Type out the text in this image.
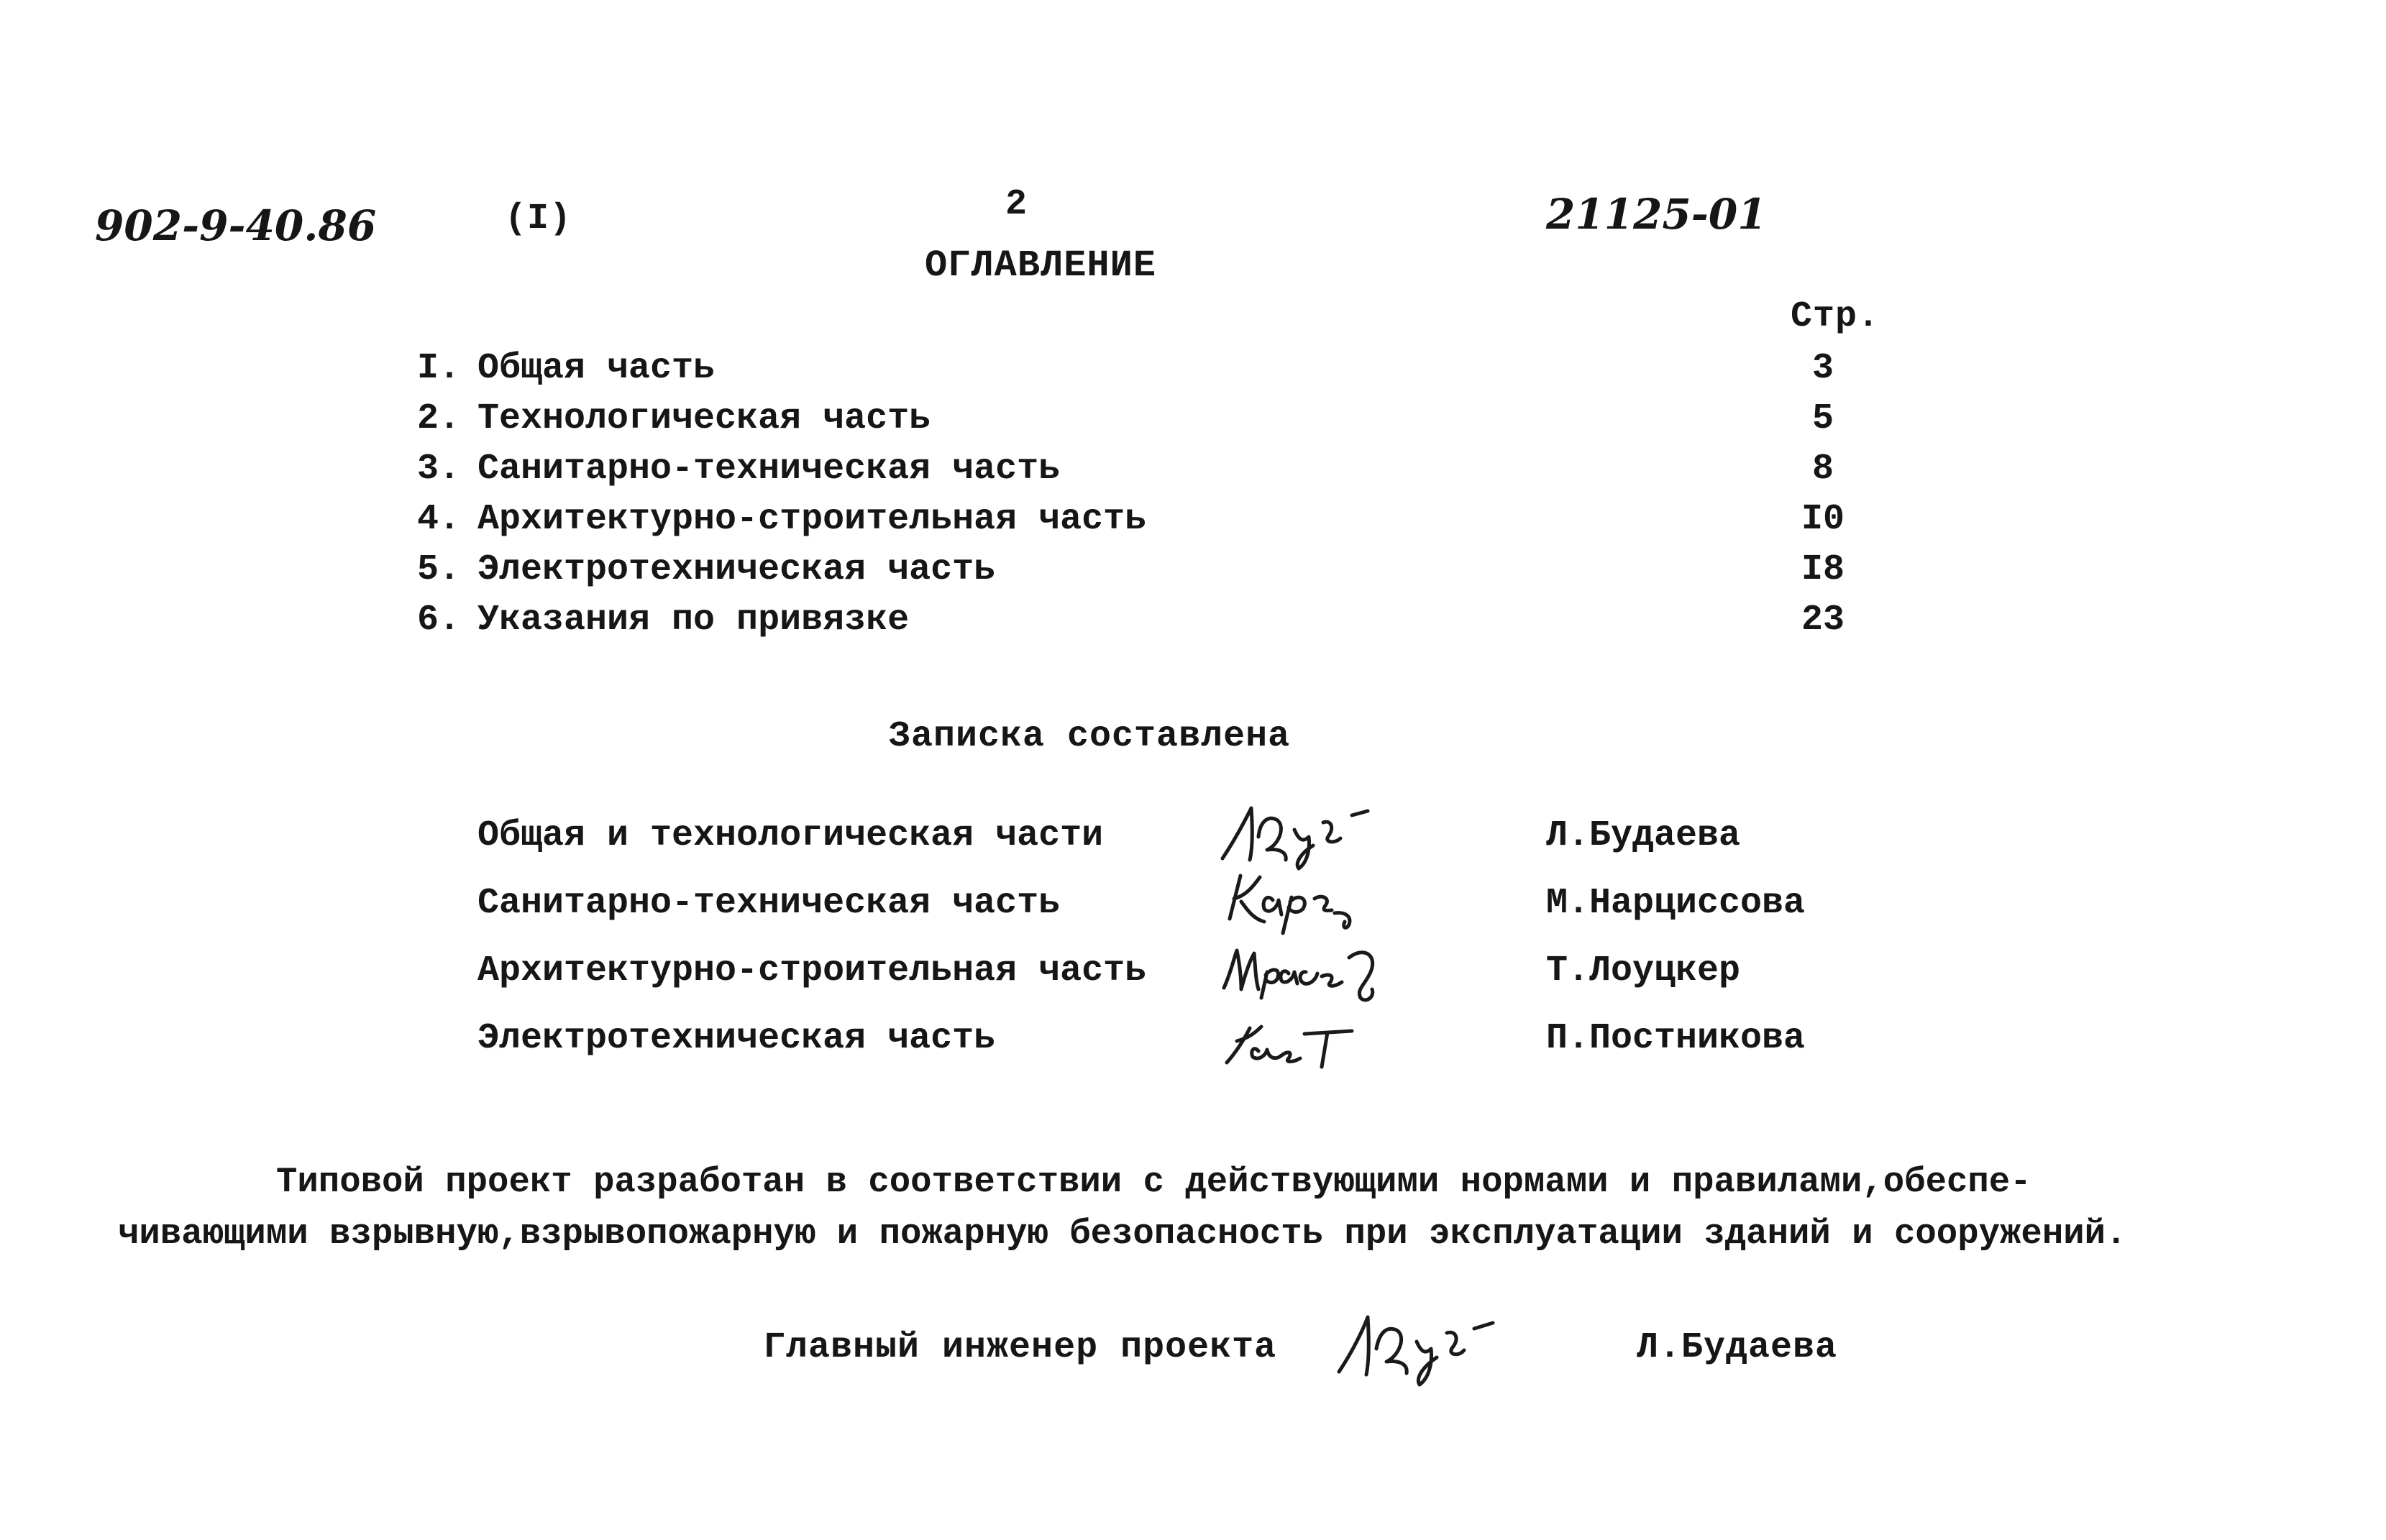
902-9-40.86	(I)	2	21125-01
ОГЛАВЛЕНИЕ
Стр.
I. Общая часть	3
2. Технологическая часть	5
3. Санитарно-техническая часть	8
4. Архитектурно-строительная часть	I0
5. Электротехническая часть	I8
6. Указания по привязке	23
Записка составлена
Общая и технологическая части	Л.Будаева
Санитарно-техническая часть	М.Нарциссова
Архитектурно-строительная часть	Т.Лоуцкер
Электротехническая часть	П.Постникова
Типовой проект разработан в соответствии с действующими нормами и правилами,обеспе-
чивающими взрывную,взрывопожарную и пожарную безопасность при эксплуатации зданий и сооружений.
Главный инженер проекта	Л.Будаева
